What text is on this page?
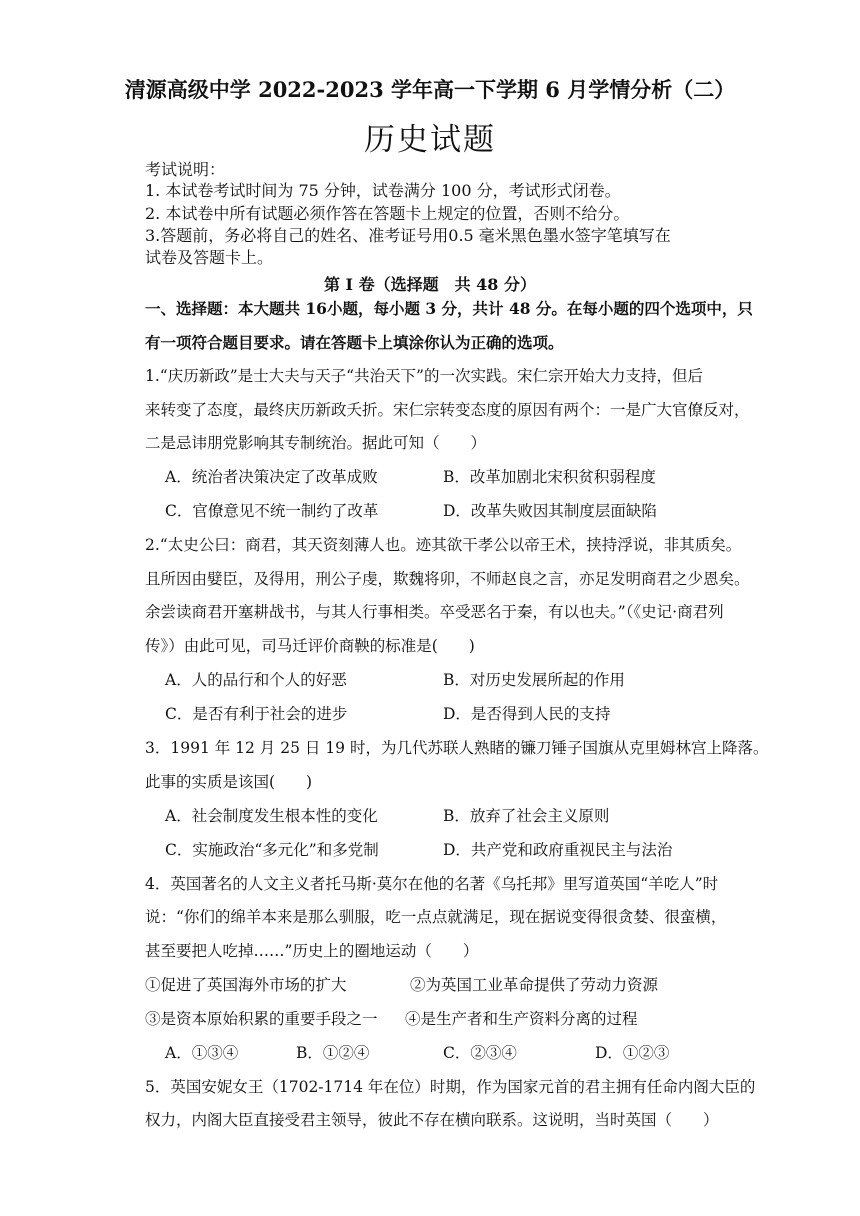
清源高级中学 2022-2023 学年高一下学期 6 月学情分析（二）
历史试题
考试说明：
1. 本试卷考试时间为 75 分钟，试卷满分 100 分，考试形式闭卷。
2. 本试卷中所有试题必须作答在答题卡上规定的位置，否则不给分。
3.答题前，务必将自己的姓名、准考证号用0.5 毫米黑色墨水签字笔填写在
试卷及答题卡上。
第 I 卷（选择题　共 48 分）
一、选择题：本大题共 16小题，每小题 3 分，共计 48 分。在每小题的四个选项中，只
有一项符合题目要求。请在答题卡上填涂你认为正确的选项。
1.“庆历新政”是士大夫与天子“共治天下”的一次实践。宋仁宗开始大力支持，但后
来转变了态度，最终庆历新政夭折。宋仁宗转变态度的原因有两个：一是广大官僚反对，
二是忌讳朋党影响其专制统治。据此可知（　　）
A．统治者决策决定了改革成败	B．改革加剧北宋积贫积弱程度
C．官僚意见不统一制约了改革	D．改革失败因其制度层面缺陷
2.“太史公曰：商君，其天资刻薄人也。迹其欲干孝公以帝王术，挟持浮说，非其质矣。
且所因由嬖臣，及得用，刑公子虔，欺魏将卯，不师赵良之言，亦足发明商君之少恩矣。
余尝读商君开塞耕战书，与其人行事相类。卒受恶名于秦，有以也夫。”（《史记·商君列
传》）由此可见，司马迁评价商鞅的标准是(　　)
A．人的品行和个人的好恶	B．对历史发展所起的作用
C．是否有利于社会的进步	D．是否得到人民的支持
3．1991 年 12 月 25 日 19 时，为几代苏联人熟睹的镰刀锤子国旗从克里姆林宫上降落。
此事的实质是该国(　　)
A．社会制度发生根本性的变化	B．放弃了社会主义原则
C．实施政治“多元化”和多党制	D．共产党和政府重视民主与法治
4．英国著名的人文主义者托马斯·莫尔在他的名著《乌托邦》里写道英国“羊吃人”时
说：“你们的绵羊本来是那么驯服，吃一点点就满足，现在据说变得很贪婪、很蛮横，
甚至要把人吃掉……”历史上的圈地运动（　　）
①促进了英国海外市场的扩大	②为英国工业革命提供了劳动力资源
③是资本原始积累的重要手段之一 ④是生产者和生产资料分离的过程
A．①③④	B．①②④	C．②③④	D．①②③
5．英国安妮女王（1702-1714 年在位）时期，作为国家元首的君主拥有任命内阁大臣的
权力，内阁大臣直接受君主领导，彼此不存在横向联系。这说明，当时英国（　　）
